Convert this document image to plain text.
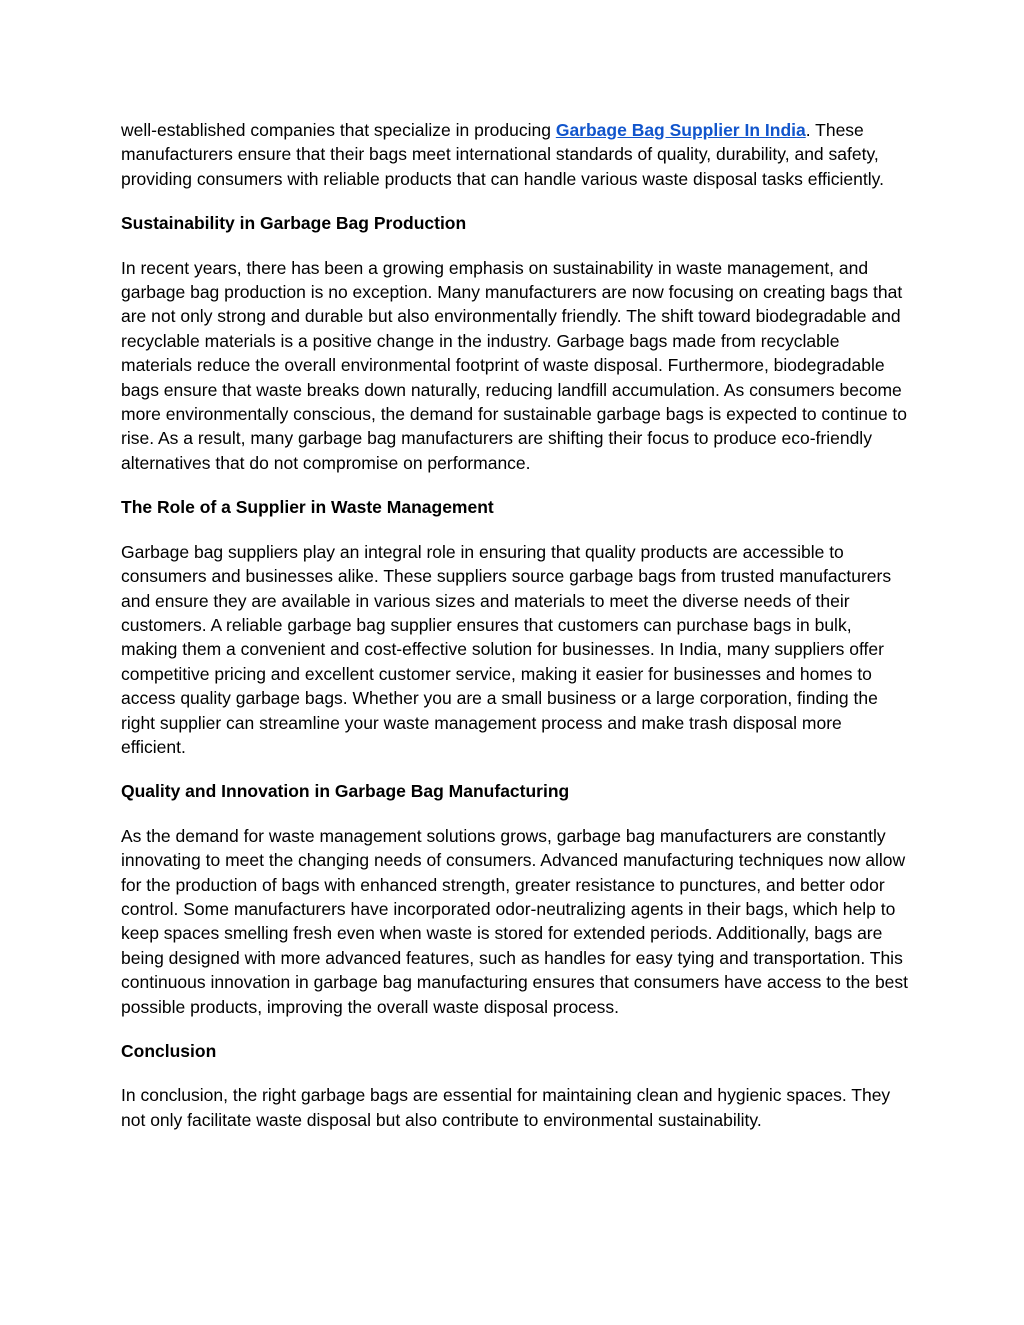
well-established companies that specialize in producing Garbage Bag Supplier In India. These manufacturers ensure that their bags meet international standards of quality, durability, and safety, providing consumers with reliable products that can handle various waste disposal tasks efficiently.

Sustainability in Garbage Bag Production

In recent years, there has been a growing emphasis on sustainability in waste management, and garbage bag production is no exception. Many manufacturers are now focusing on creating bags that are not only strong and durable but also environmentally friendly. The shift toward biodegradable and recyclable materials is a positive change in the industry. Garbage bags made from recyclable materials reduce the overall environmental footprint of waste disposal. Furthermore, biodegradable bags ensure that waste breaks down naturally, reducing landfill accumulation. As consumers become more environmentally conscious, the demand for sustainable garbage bags is expected to continue to rise. As a result, many garbage bag manufacturers are shifting their focus to produce eco-friendly alternatives that do not compromise on performance.

The Role of a Supplier in Waste Management

Garbage bag suppliers play an integral role in ensuring that quality products are accessible to consumers and businesses alike. These suppliers source garbage bags from trusted manufacturers and ensure they are available in various sizes and materials to meet the diverse needs of their customers. A reliable garbage bag supplier ensures that customers can purchase bags in bulk, making them a convenient and cost-effective solution for businesses. In India, many suppliers offer competitive pricing and excellent customer service, making it easier for businesses and homes to access quality garbage bags. Whether you are a small business or a large corporation, finding the right supplier can streamline your waste management process and make trash disposal more efficient.

Quality and Innovation in Garbage Bag Manufacturing

As the demand for waste management solutions grows, garbage bag manufacturers are constantly innovating to meet the changing needs of consumers. Advanced manufacturing techniques now allow for the production of bags with enhanced strength, greater resistance to punctures, and better odor control. Some manufacturers have incorporated odor-neutralizing agents in their bags, which help to keep spaces smelling fresh even when waste is stored for extended periods. Additionally, bags are being designed with more advanced features, such as handles for easy tying and transportation. This continuous innovation in garbage bag manufacturing ensures that consumers have access to the best possible products, improving the overall waste disposal process.

Conclusion

In conclusion, the right garbage bags are essential for maintaining clean and hygienic spaces. They not only facilitate waste disposal but also contribute to environmental sustainability.
